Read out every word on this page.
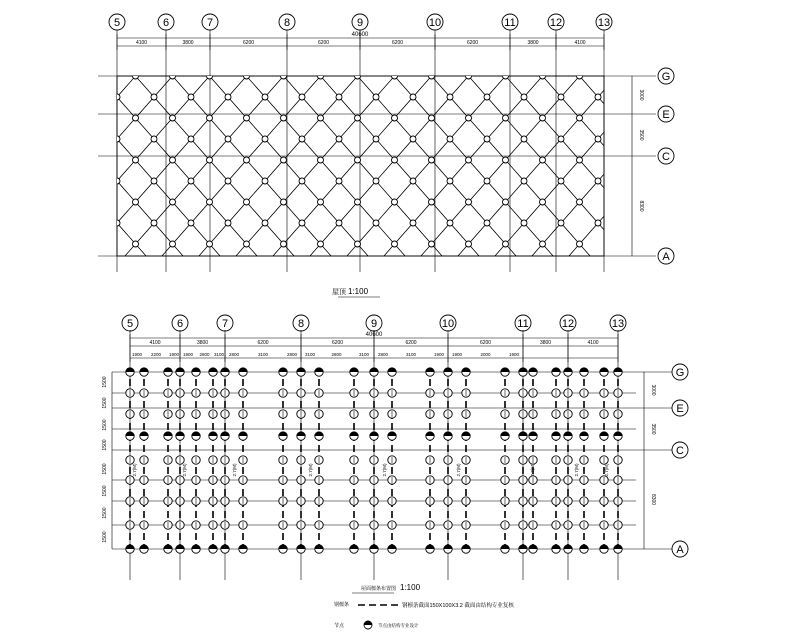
5	6	7	8	9	10	11	12	13
40600
4100	3800	6200	6200	6200	6200	3800	4100
G
E
C
A
3000
3500
8300
屋顶 1:100
5	6	7	8	9	10	11	12	13
40600
4100	3800	6200	6200	6200	6200	3800	4100
1900 2200 1900 1900 2800 3100 2800	3100	2800 3100	2800	3100 2800	3100	1900 1900	2000	1900
2.7(M)	2.7(M)	2.7(M)	2.7(M)	2.7(M)	2.7(M)	2.7(M)	2.7(M)	2.7(M)
G
E
C
A
3000
3500
8300
1500
1500
1500
1500
1500
1500
1500
1500
屋面檩条布置图 1:100
钢檩条	钢檩条截面150X100X3.2 截面由结构专业复核
节点	节点由结构专业设计
